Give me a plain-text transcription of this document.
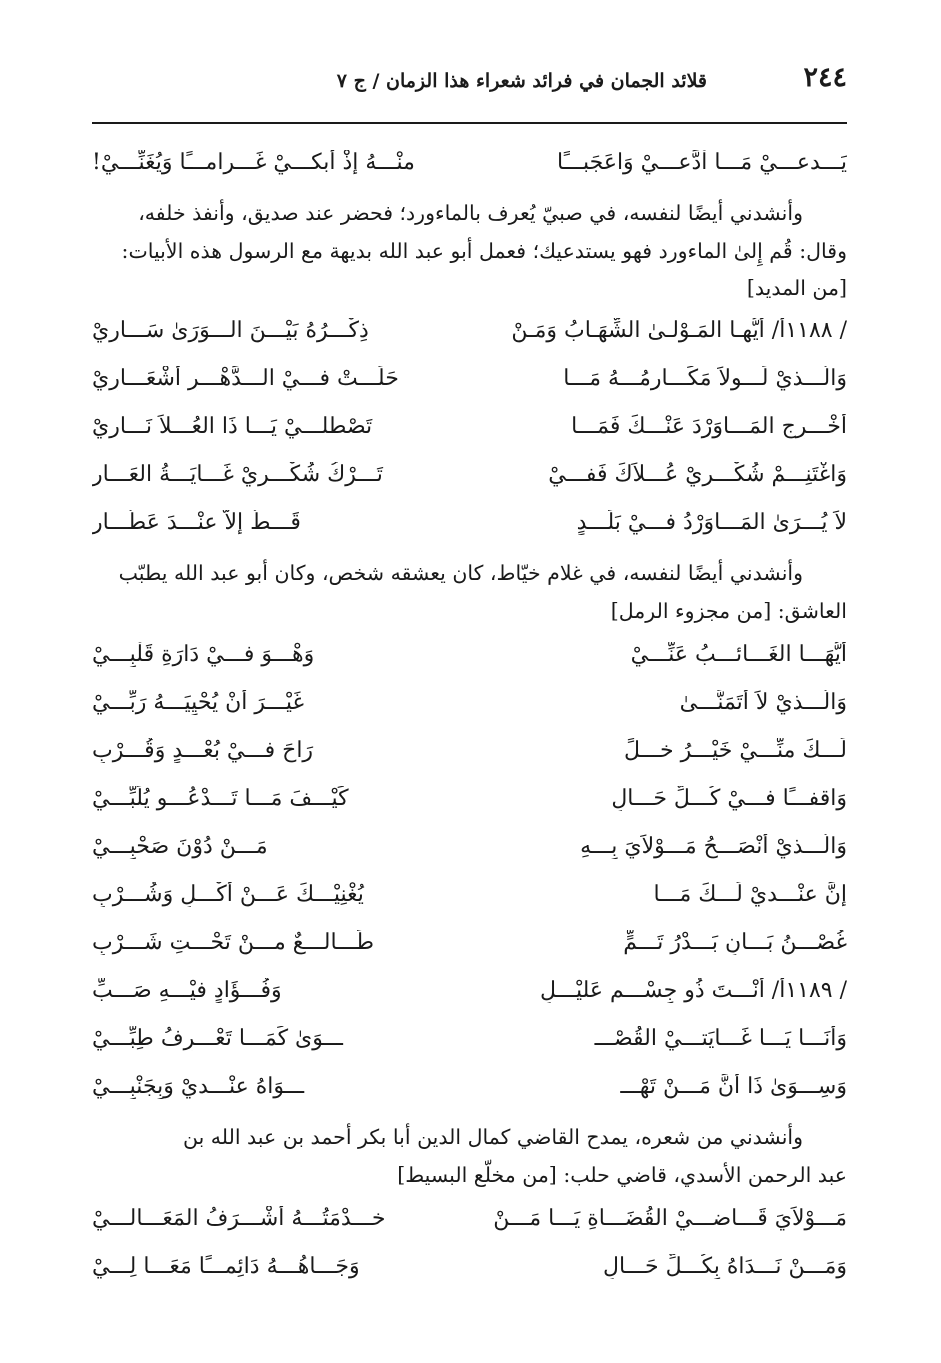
٢٤٤
قلائد الجمان في فرائد شعراء هذا الزمان / ج ٧
يَـــدعـــيْ مَـــا اْدَّعـــيْ وَاعَجَبـــًا
منْـــهُ إِذْ أَبكـــيْ غَـــرامـــًا وَيُغَنِّـــيْ!

وأنشدني أيضًا لنفسه، في صبيّ يُعرف بالماءورد؛ فحضر عند صديق، وأنفذ خلفه،

وقال: قُم إِلىٰ الماءورد فهو يستدعيك؛ فعمل أبو عبد الله بديهة مع الرسول هذه الأبيات:

[من المديد]

/ ١١٨٨أ/ أَيُّهـا المَـوْلـىٰ الشِّهَـابُ وَمَـنْ
ذِكْـــرُهُ بَيْـــنَ الـــوَرَىٰ سَـــارِيْ
وَالَّـــذيْ لَـــولاَ مَكَـــارِمُـــهُ مَـــا
حَلَـــتْ فـــيْ الـــدَّهْـــرِ أَشْعَـــارِيْ
أَخْـــرِجِ المَـــاوَرْدَ عَنْـــكَ فَمَـــا
تَصْطلـــيْ يَـــا ذَا العُـــلاَ نَـــارِيْ
وَاغْتَنِـــمْ شُكْـــرِيْ عُـــلاَكَ فَفـــيْ
تَـــرْكُ شُكْـــرِيْ غَـــايَـــةُ العَـــارِ
لاَ يُـــرَىٰ المَـــاوَرْدُ فـــيْ بَلَـــدٍ
قَـــطُّ إِلاَّ عنْـــدَ عَطَّـــارِ

وأنشدني أيضًا لنفسه، في غلام خيّاط، كان يعشقه شخص، وكان أبو عبد الله يطبّب

العاشق: [من مجزوء الرمل]

أَيُّهَـــا الغَـــائـــبُ عَنِّـــيْ
وَهْـــوَ فـــيْ دَارَةِ قَلْبِـــيْ
وَالَّـــذيْ لاَ أَتَمَنَّـــىٰ
غَيْـــرَ أَنْ يُحْيِيَـــهُ رَبِّـــيْ
لَـــكَ منِّـــيْ خَيْـــرُ خـــلٍّ
رَاحَ فـــيْ بُعْـــدٍ وَقُـــرْبِ
وَاقفـــًا فـــيْ كُـــلِّ حَـــالٍ
كَيْـــفَ مَـــا تَـــدْعُـــو يُلَبِّـــيْ
وَالَّـــذيْ أَنْصَـــحُ مَـــوْلاَيَ بِـــهِ
مَـــنْ دُوْنَ صَحْبِـــيْ
إِنَّ عنْـــديْ لَـــكَ مَـــا
يُغْنِيْـــكَ عَـــنْ أَكْـــلٍ وَشُـــرْبِ
غُصْـــنُ بَـــانٍ بَـــدْرُ تَـــمٍّ
طَـــالـــعٌ مـــنْ تَحْـــتِ شَـــرْبِ
/ ١١٨٩أ/ أَنْـــتَ ذُو جِسْـــمٍ عَليْـــلٍ
وَفُـــؤَادٍ فيْـــهِ صَـــبِّ
وَأَنَـــا يَـــا غَـــايَتـــيْ القُصْـــ
ـــوَىٰ كَمَـــا تَعْـــرِفُ طِبِّـــيْ
وَسِـــوَىٰ ذَا أَنَّ مَـــنْ تَهْـــ
ـــوَاهُ عنْـــديْ وَبِجَنْبِـــيْ

وأنشدني من شعره، يمدح القاضي كمال الدين أبا بكر أحمد بن عبد الله بن

عبد الرحمن الأسدي، قاضي حلب: [من مخلّع البسيط]

مَـــوْلاَيَ قَـــاضـــيْ القُضَـــاةِ يَـــا مَـــنْ
خـــدْمَتُـــهُ أَشْـــرَفُ المَعَـــالـــيْ
وَمَـــنْ نَـــدَاهُ بِكُـــلِّ حَـــالٍ
وَجَـــاهُـــهُ دَائِمـــًا مَعَـــا لِـــيْ
